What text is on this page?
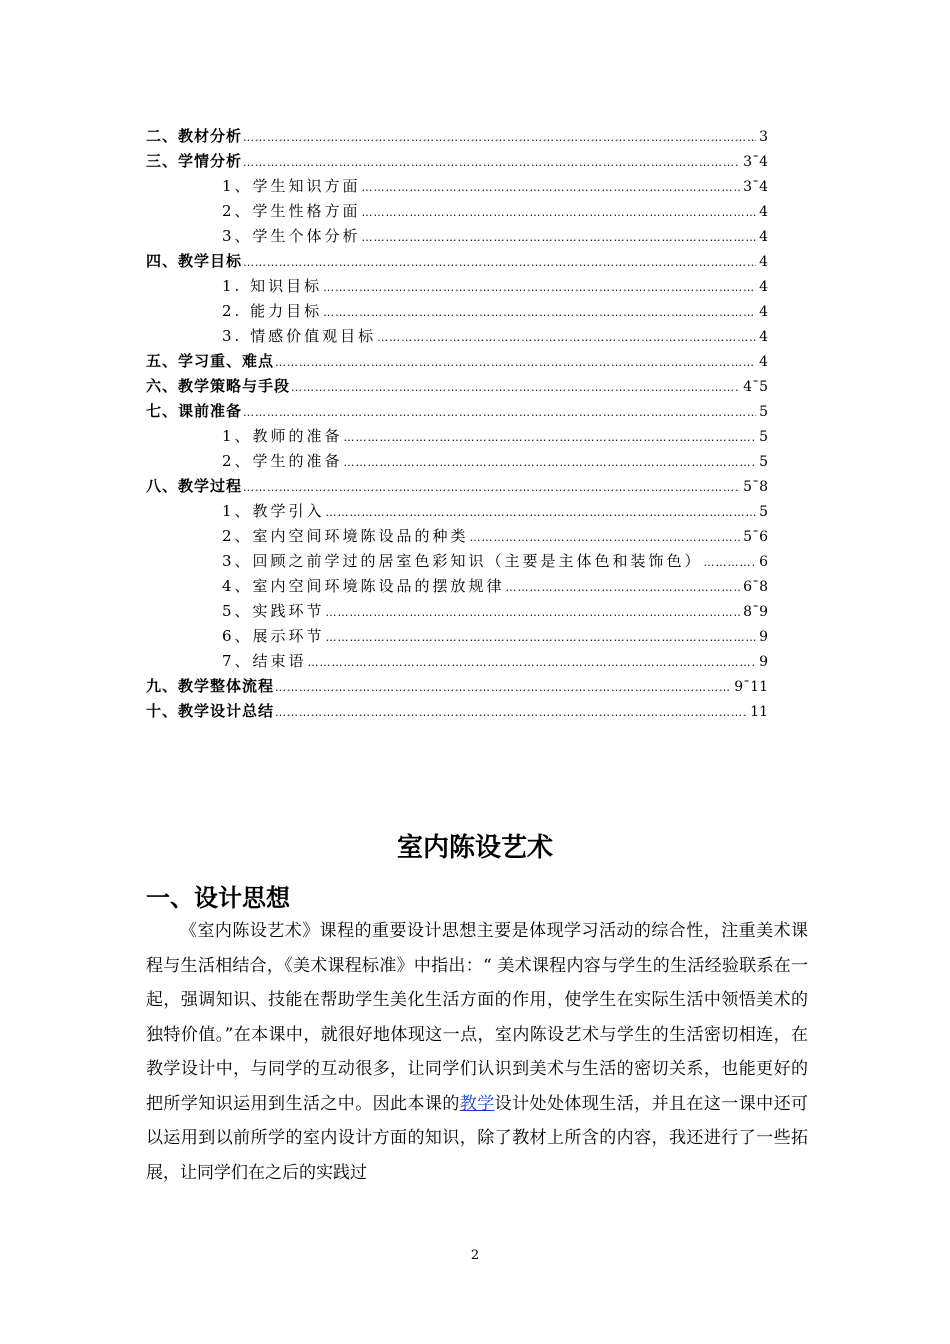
二、教材分析 …………………………………………………………………………………………………………………………………………………………………………………………………………	3
三、学情分析 …………………………………………………………………………………………………………………………………………………………………………………………………………	3¯4
1、学生知识方面 …………………………………………………………………………………………………………………………………………………………………………………………………………	3¯4
2、学生性格方面 …………………………………………………………………………………………………………………………………………………………………………………………………………	4
3、学生个体分析 …………………………………………………………………………………………………………………………………………………………………………………………………………	4
四、教学目标 …………………………………………………………………………………………………………………………………………………………………………………………………………	4
1. 知识目标 …………………………………………………………………………………………………………………………………………………………………………………………………………	4
2. 能力目标 …………………………………………………………………………………………………………………………………………………………………………………………………………	4
3. 情感价值观目标 …………………………………………………………………………………………………………………………………………………………………………………………………………	4
五、学习重、难点 …………………………………………………………………………………………………………………………………………………………………………………………………………	4
六、教学策略与手段 …………………………………………………………………………………………………………………………………………………………………………………………………………	4¯5
七、课前准备 …………………………………………………………………………………………………………………………………………………………………………………………………………	5
1、教师的准备 …………………………………………………………………………………………………………………………………………………………………………………………………………	5
2、学生的准备 …………………………………………………………………………………………………………………………………………………………………………………………………………	5
八、教学过程 …………………………………………………………………………………………………………………………………………………………………………………………………………	5¯8
1、教学引入 …………………………………………………………………………………………………………………………………………………………………………………………………………	5
2、室内空间环境陈设品的种类 …………………………………………………………………………………………………………………………………………………………………………………………………………	5¯6
3、回顾之前学过的居室色彩知识（主要是主体色和装饰色） …………………………………………………………………………………………………………………………………………………………………………………………………………	6
4、室内空间环境陈设品的摆放规律 …………………………………………………………………………………………………………………………………………………………………………………………………………	6¯8
5、实践环节 …………………………………………………………………………………………………………………………………………………………………………………………………………	8¯9
6、展示环节 …………………………………………………………………………………………………………………………………………………………………………………………………………	9
7、结束语 …………………………………………………………………………………………………………………………………………………………………………………………………………	9
九、教学整体流程 …………………………………………………………………………………………………………………………………………………………………………………………………………	9¯11
十、教学设计总结 …………………………………………………………………………………………………………………………………………………………………………………………………………	11
室内陈设艺术
一、设计思想
《室内陈设艺术》课程的重要设计思想主要是体现学习活动的综合性，注重美术课程与生活相结合，《美术课程标准》中指出：“ 美术课程内容与学生的生活经验联系在一起，强调知识、技能在帮助学生美化生活方面的作用，使学生在实际生活中领悟美术的独特价值。”在本课中，就很好地体现这一点，室内陈设艺术与学生的生活密切相连，在教学设计中，与同学的互动很多，让同学们认识到美术与生活的密切关系，也能更好的把所学知识运用到生活之中。因此本课的教学设计处处体现生活，并且在这一课中还可以运用到以前所学的室内设计方面的知识，除了教材上所含的内容，我还进行了一些拓展，让同学们在之后的实践过
2
